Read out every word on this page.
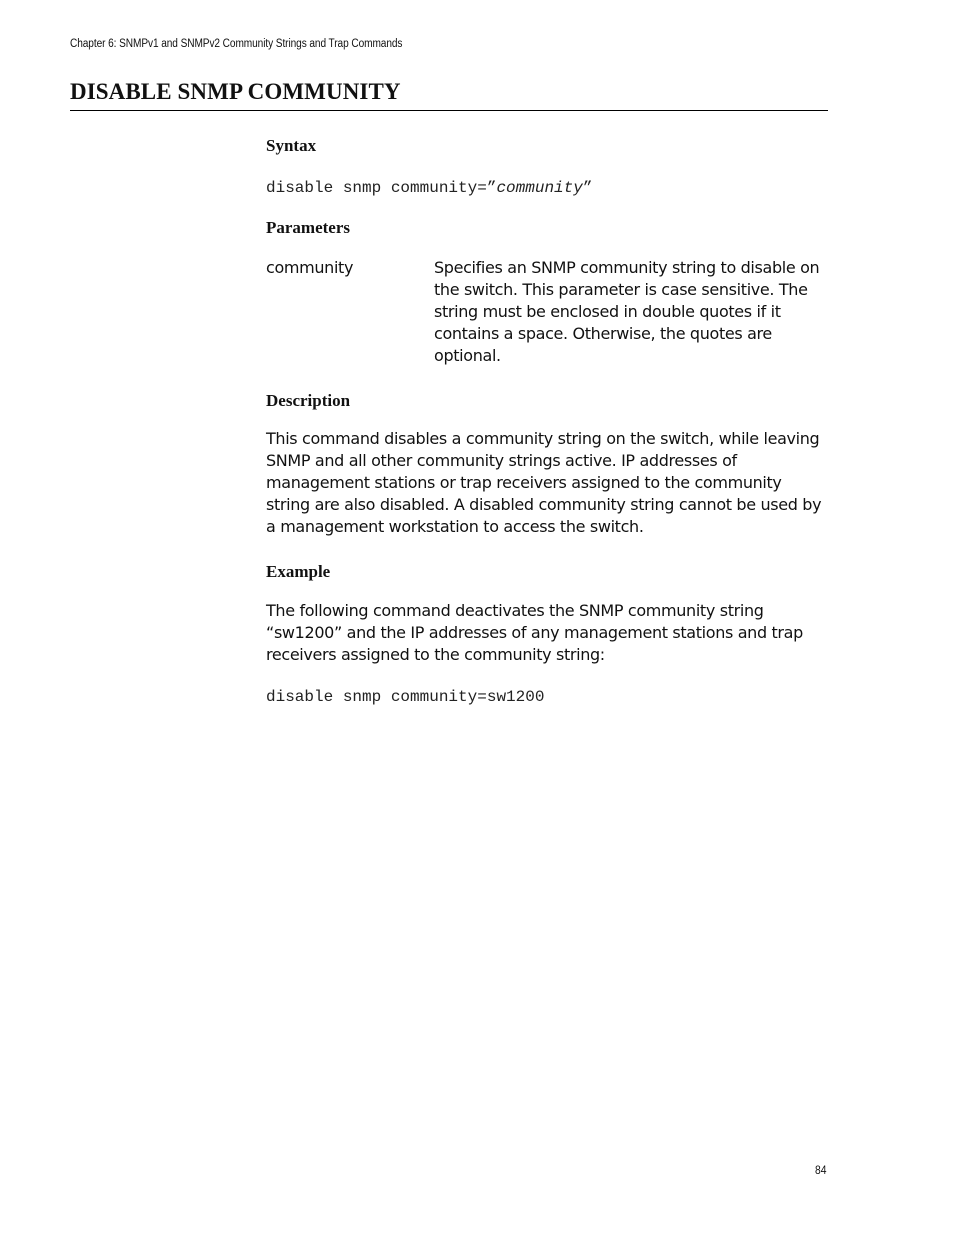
Chapter 6: SNMPv1 and SNMPv2 Community Strings and Trap Commands
DISABLE SNMP COMMUNITY
Syntax
disable snmp community=”community”
Parameters
community	Specifies an SNMP community string to disable on the switch. This parameter is case sensitive. The string must be enclosed in double quotes if it contains a space. Otherwise, the quotes are optional.
Description

This command disables a community string on the switch, while leaving SNMP and all other community strings active. IP addresses of management stations or trap receivers assigned to the community string are also disabled. A disabled community string cannot be used by a management workstation to access the switch.

Example

The following command deactivates the SNMP community string “sw1200” and the IP addresses of any management stations and trap receivers assigned to the community string:

disable snmp community=sw1200
84
